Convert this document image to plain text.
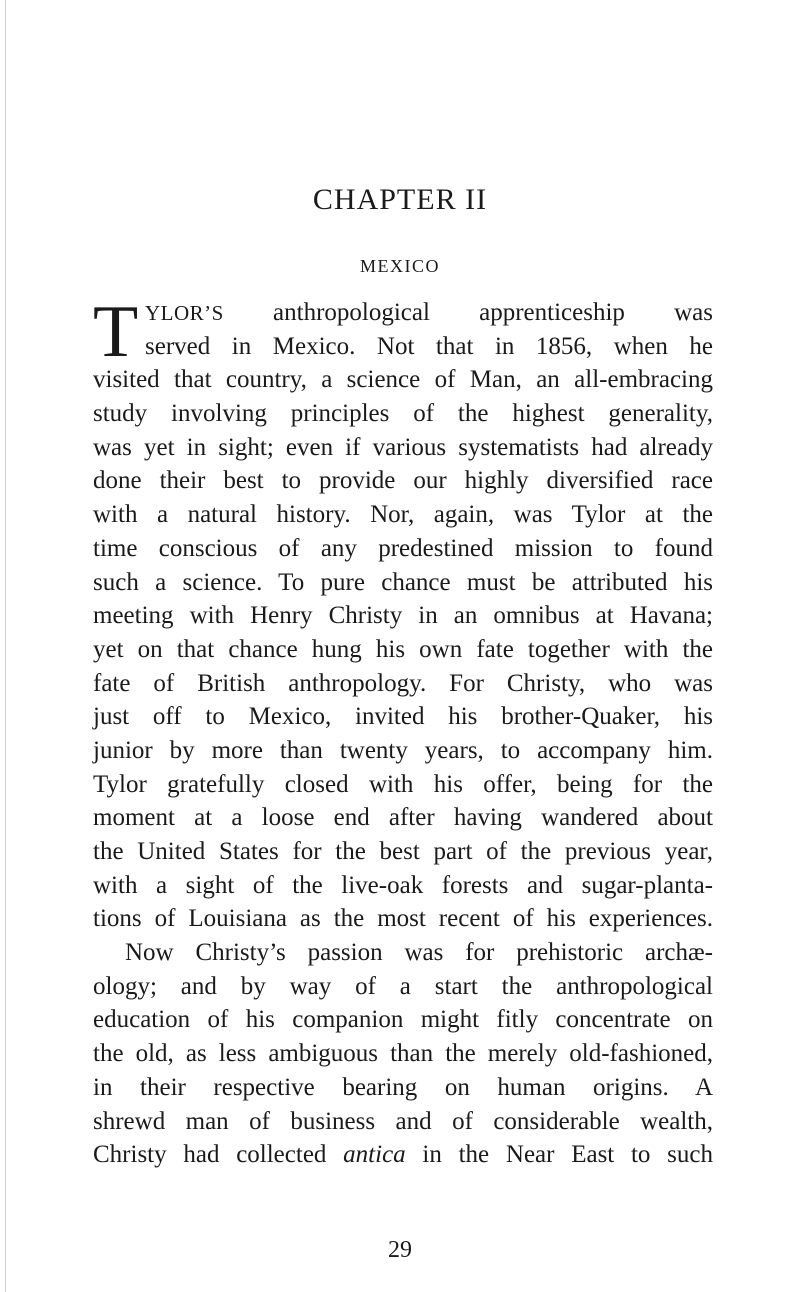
CHAPTER II
MEXICO
T YLOR’S anthropological apprenticeship was
served in Mexico. Not that in 1856, when he
visited that country, a science of Man, an all-embracing
study involving principles of the highest generality,
was yet in sight; even if various systematists had already
done their best to provide our highly diversified race
with a natural history. Nor, again, was Tylor at the
time conscious of any predestined mission to found
such a science. To pure chance must be attributed his
meeting with Henry Christy in an omnibus at Havana;
yet on that chance hung his own fate together with the
fate of British anthropology. For Christy, who was
just off to Mexico, invited his brother-Quaker, his
junior by more than twenty years, to accompany him.
Tylor gratefully closed with his offer, being for the
moment at a loose end after having wandered about
the United States for the best part of the previous year,
with a sight of the live-oak forests and sugar-planta-
tions of Louisiana as the most recent of his experiences.
Now Christy’s passion was for prehistoric archæ-
ology; and by way of a start the anthropological
education of his companion might fitly concentrate on
the old, as less ambiguous than the merely old-fashioned,
in their respective bearing on human origins. A
shrewd man of business and of considerable wealth,
Christy had collected antica in the Near East to such
29
